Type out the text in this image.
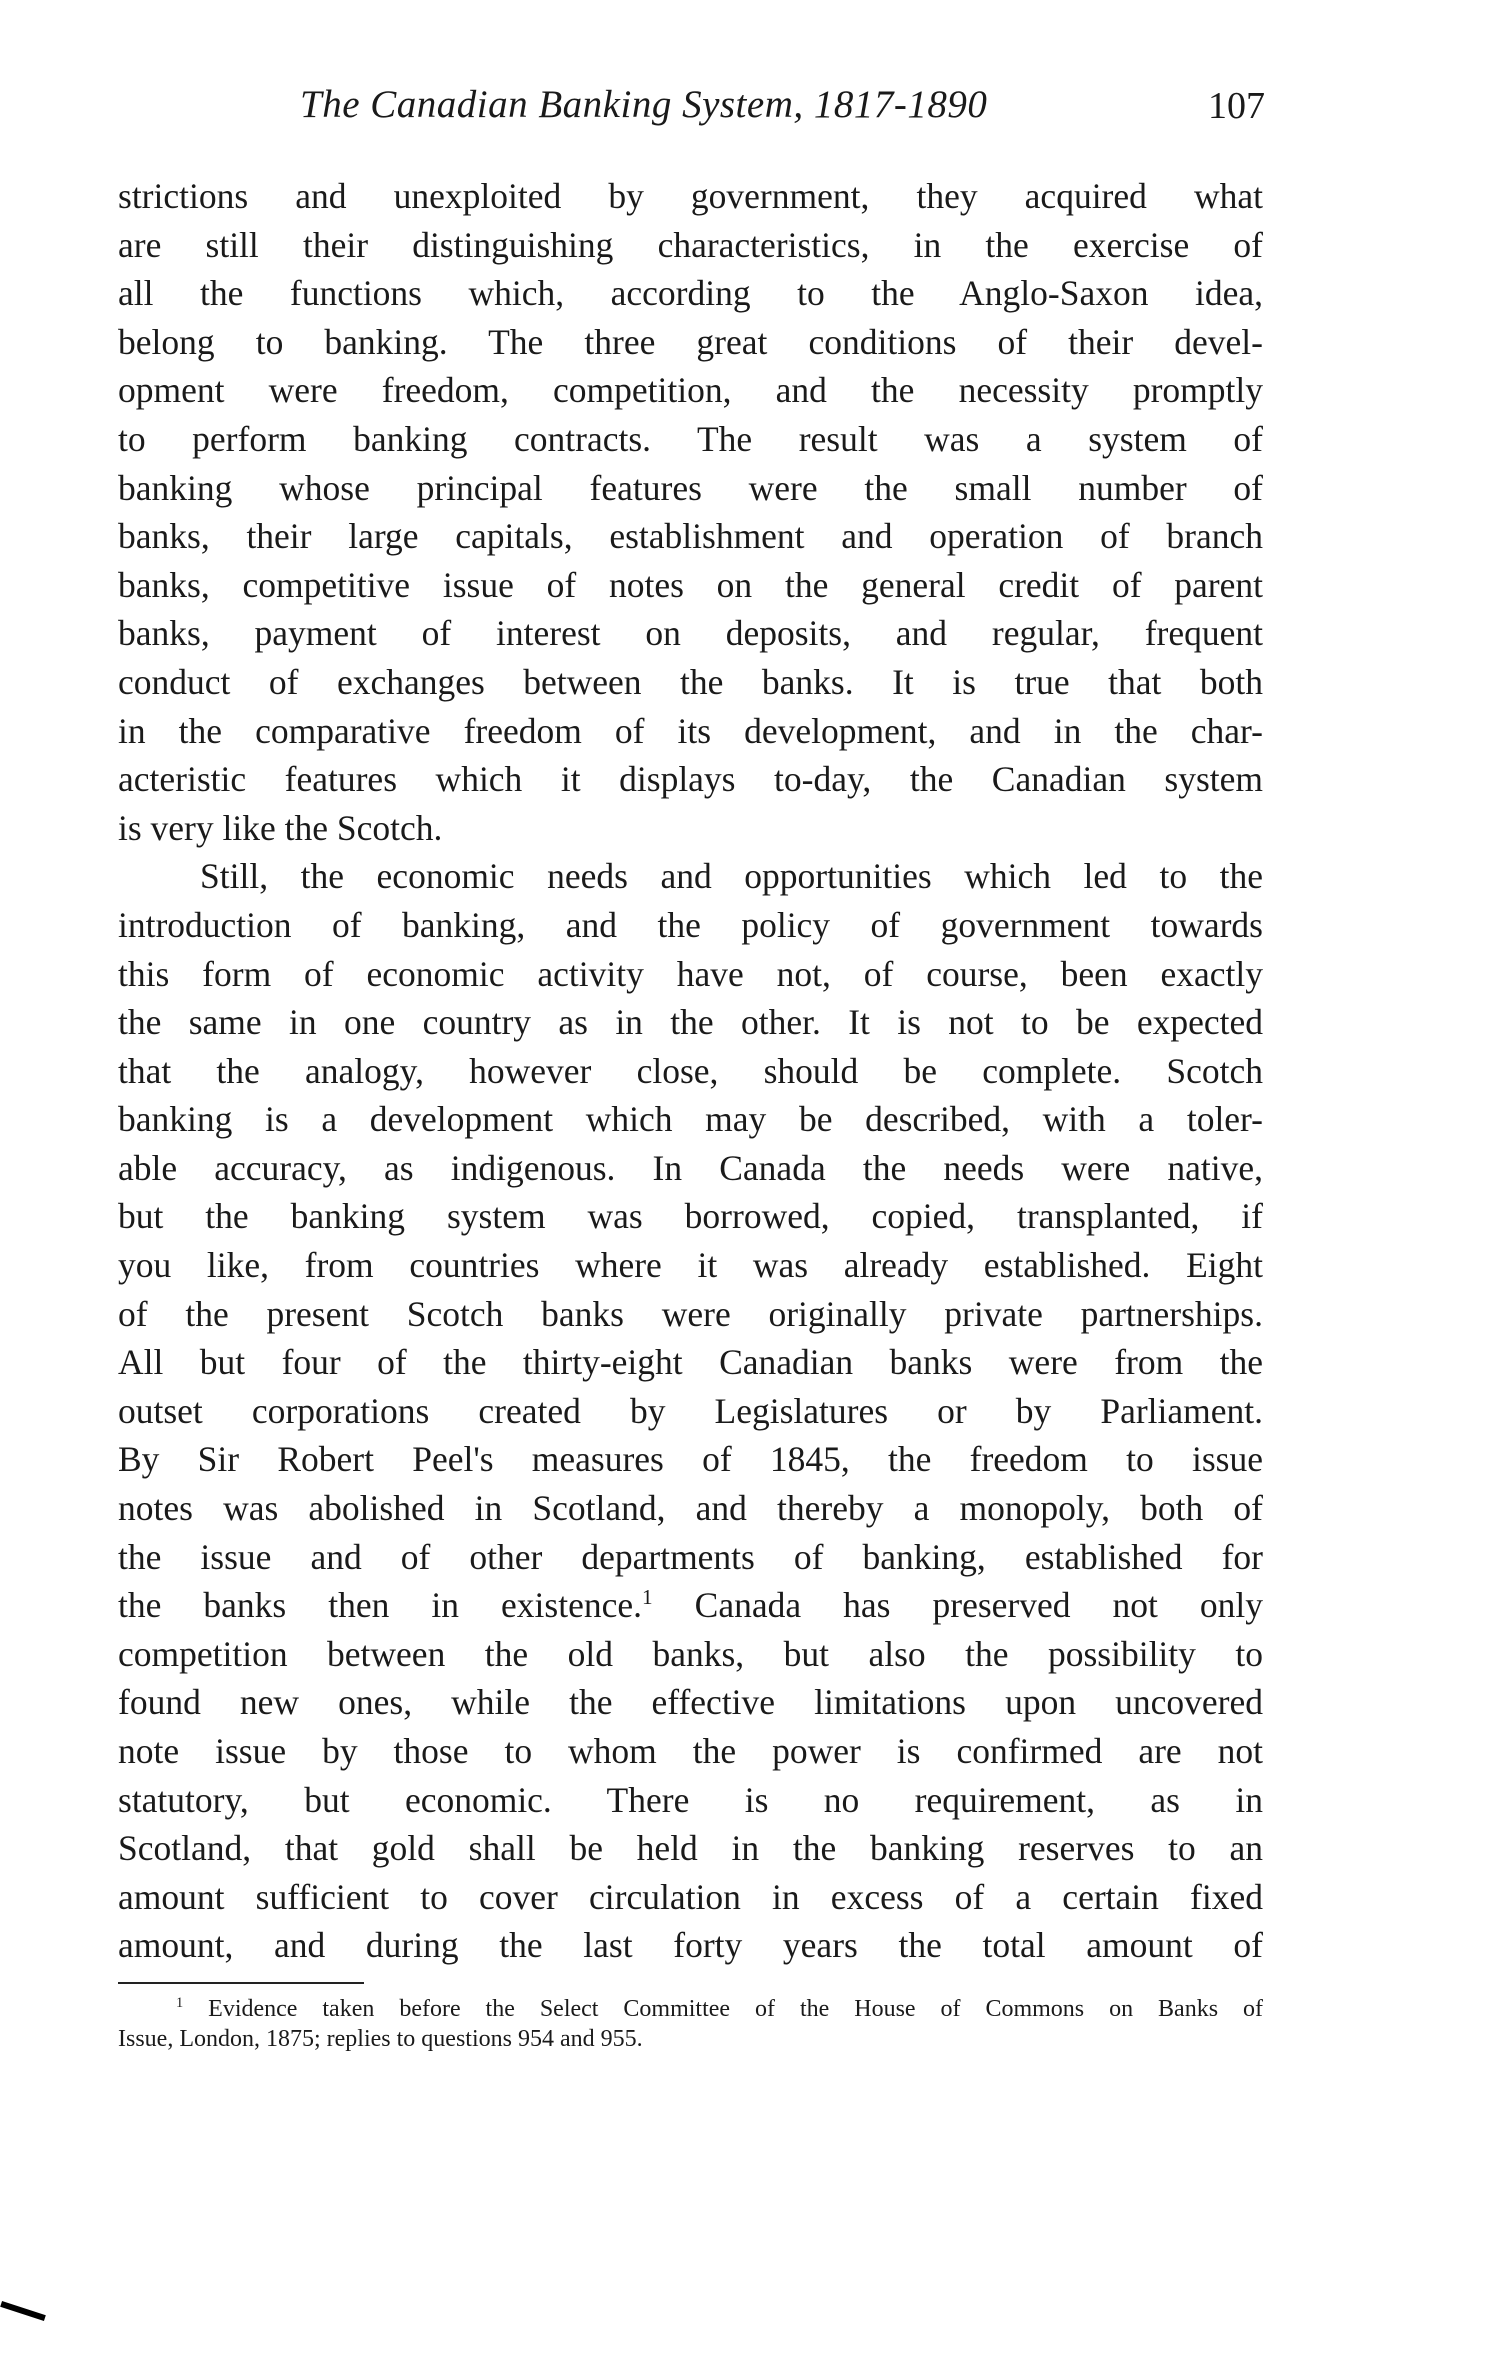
The Canadian Banking System, 1817-1890	107
strictions and unexploited by government, they acquired what
are still their distinguishing characteristics, in the exercise of
all the functions which, according to the Anglo-Saxon idea,
belong to banking. The three great conditions of their devel-
opment were freedom, competition, and the necessity promptly
to perform banking contracts. The result was a system of
banking whose principal features were the small number of
banks, their large capitals, establishment and operation of branch
banks, competitive issue of notes on the general credit of parent
banks, payment of interest on deposits, and regular, frequent
conduct of exchanges between the banks. It is true that both
in the comparative freedom of its development, and in the char-
acteristic features which it displays to-day, the Canadian system
is very like the Scotch.
Still, the economic needs and opportunities which led to the
introduction of banking, and the policy of government towards
this form of economic activity have not, of course, been exactly
the same in one country as in the other. It is not to be expected
that the analogy, however close, should be complete. Scotch
banking is a development which may be described, with a toler-
able accuracy, as indigenous. In Canada the needs were native,
but the banking system was borrowed, copied, transplanted, if
you like, from countries where it was already established. Eight
of the present Scotch banks were originally private partnerships.
All but four of the thirty-eight Canadian banks were from the
outset corporations created by Legislatures or by Parliament.
By Sir Robert Peel's measures of 1845, the freedom to issue
notes was abolished in Scotland, and thereby a monopoly, both of
the issue and of other departments of banking, established for
the banks then in existence.$^1$ Canada has preserved not only
competition between the old banks, but also the possibility to
found new ones, while the effective limitations upon uncovered
note issue by those to whom the power is confirmed are not
statutory, but economic. There is no requirement, as in
Scotland, that gold shall be held in the banking reserves to an
amount sufficient to cover circulation in excess of a certain fixed
amount, and during the last forty years the total amount of
$^1$ Evidence taken before the Select Committee of the House of Commons on Banks of
Issue, London, 1875; replies to questions 954 and 955.
